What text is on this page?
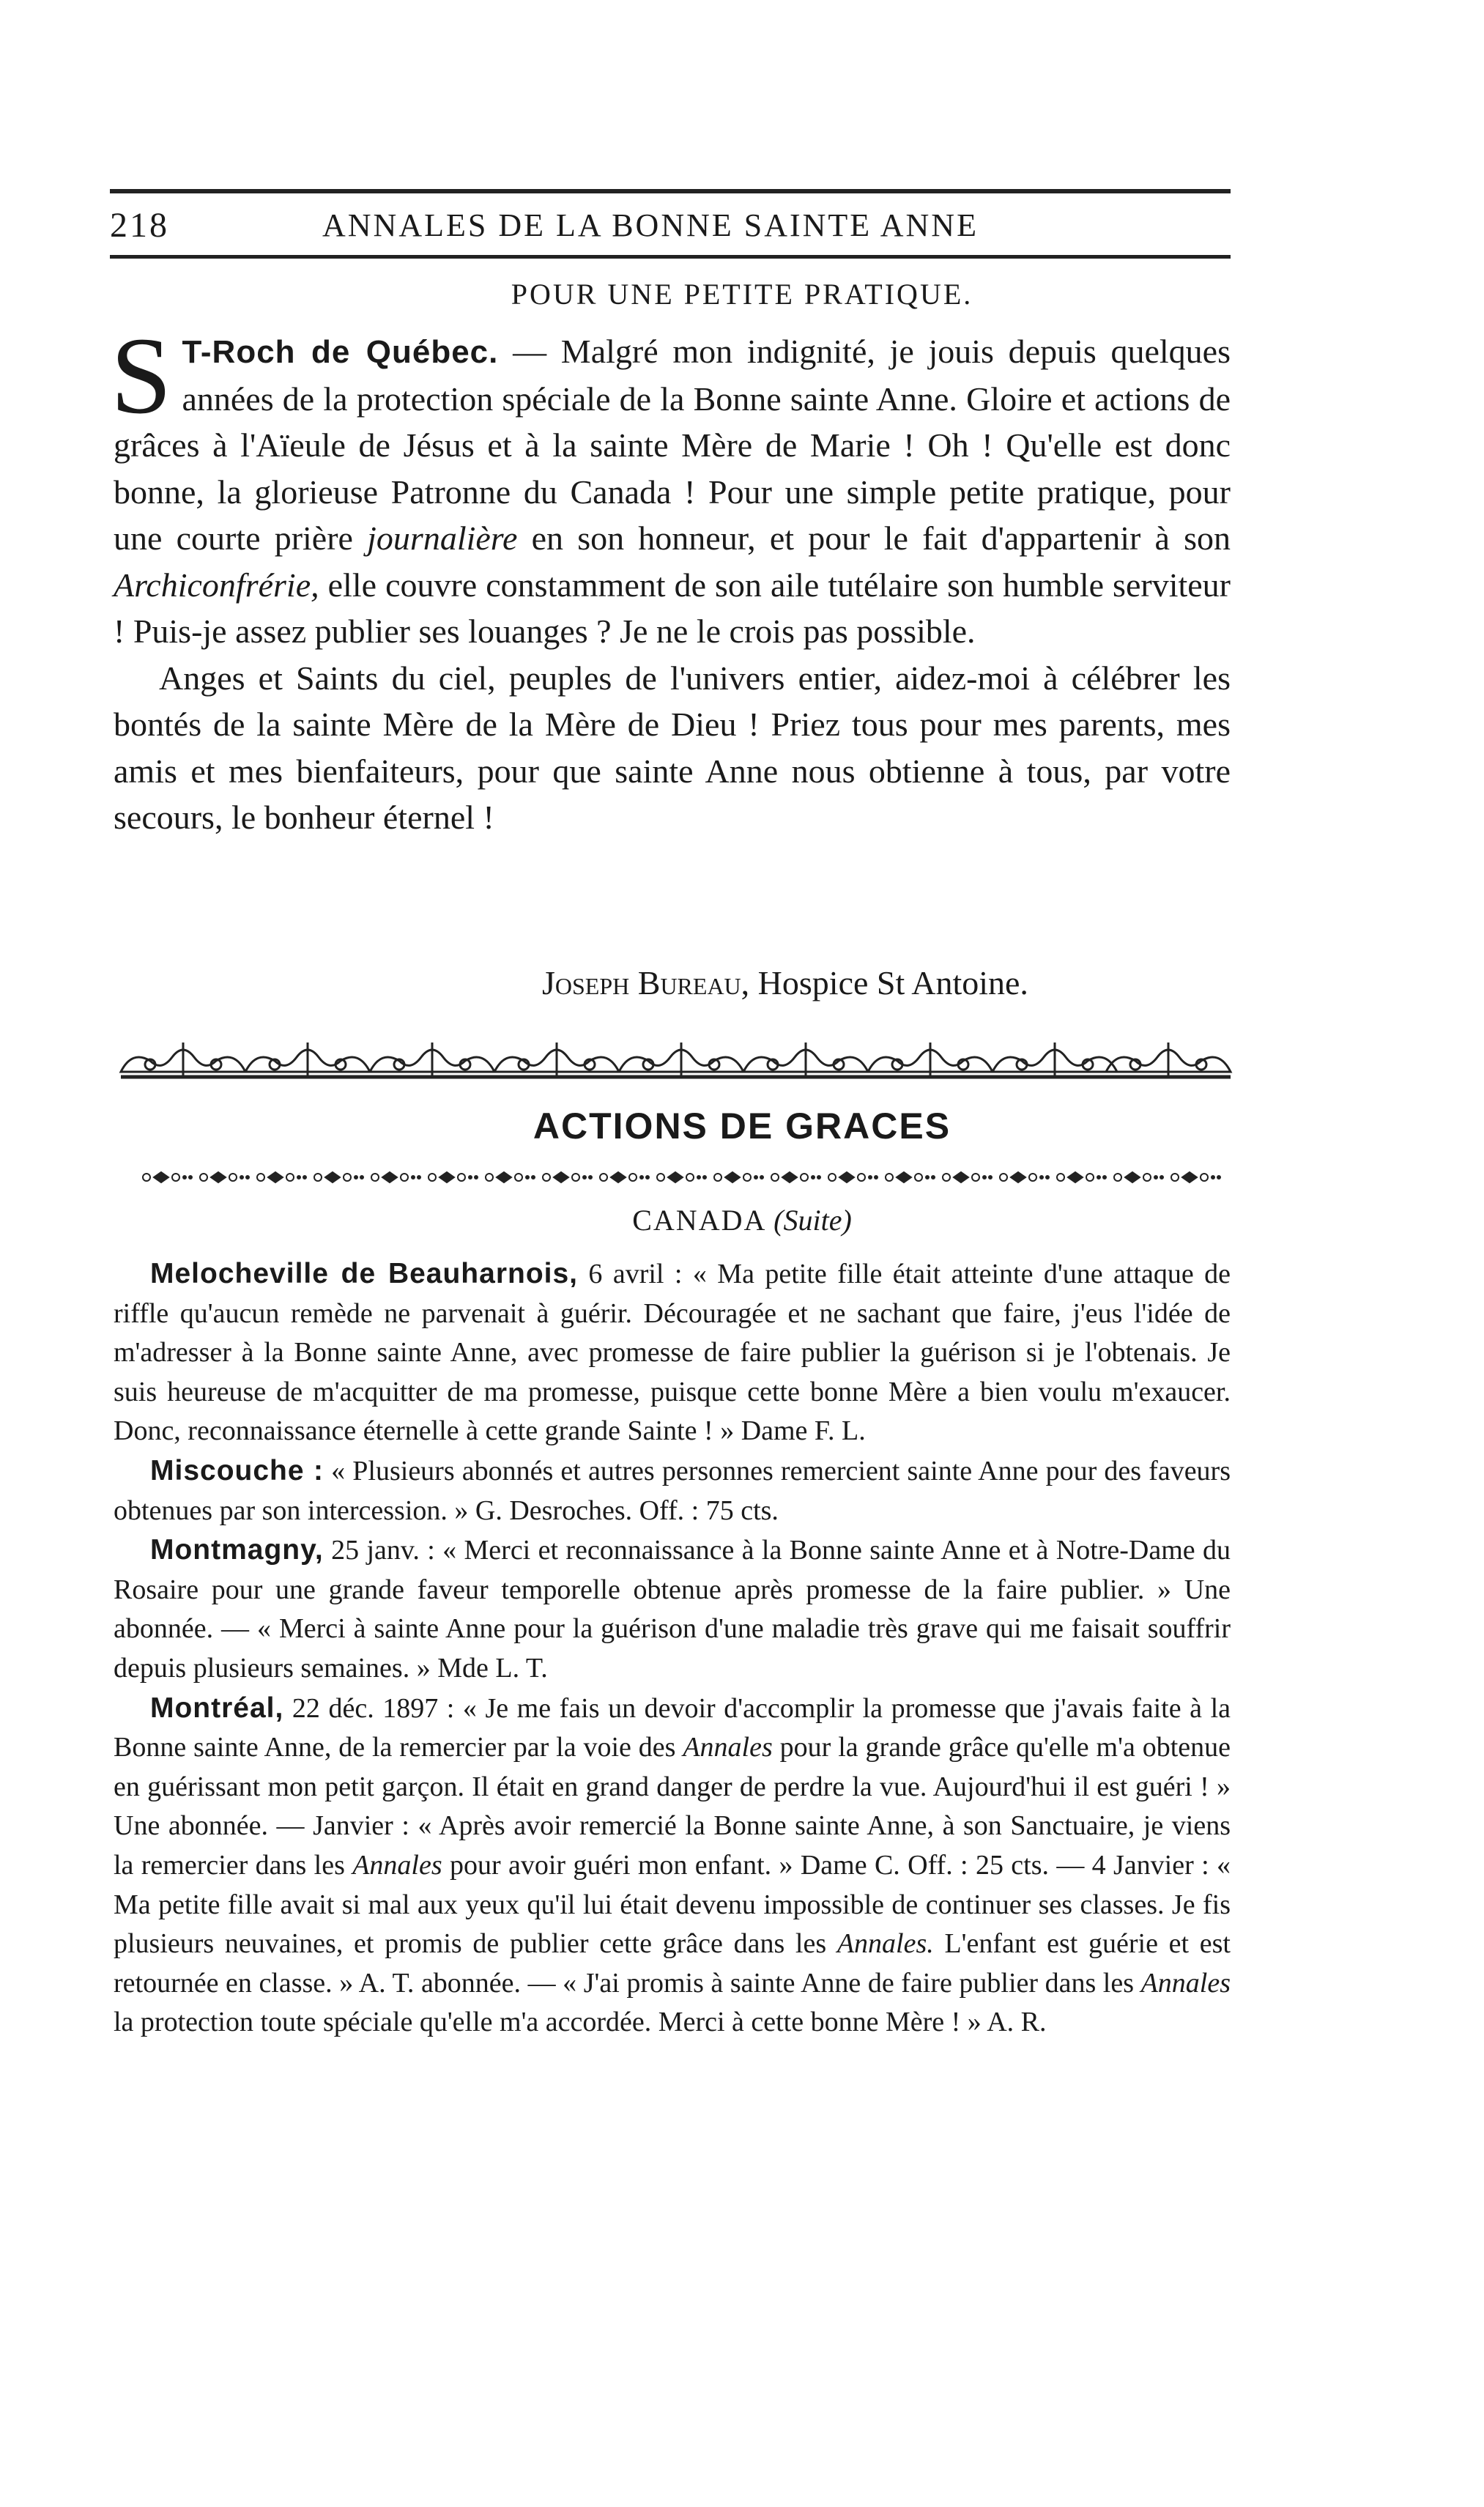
218	ANNALES DE LA BONNE SAINTE ANNE
POUR UNE PETITE PRATIQUE.

S T-Roch de Québec. — Malgré mon indignité, je jouis depuis quelques années de la protection spéciale de la Bonne sainte Anne. Gloire et actions de grâces à l'Aïeule de Jésus et à la sainte Mère de Marie ! Oh ! Qu'elle est donc bonne, la glorieuse Patronne du Canada ! Pour une simple petite pratique, pour une courte prière journalière en son honneur, et pour le fait d'appartenir à son Archiconfrérie, elle couvre constamment de son aile tutélaire son humble serviteur ! Puis-je assez publier ses louanges ? Je ne le crois pas possible.

Anges et Saints du ciel, peuples de l'univers entier, aidez-moi à célébrer les bontés de la sainte Mère de la Mère de Dieu ! Priez tous pour mes parents, mes amis et mes bienfaiteurs, pour que sainte Anne nous obtienne à tous, par votre secours, le bonheur éternel !

Joseph Bureau, Hospice St Antoine.
ACTIONS DE GRACES
CANADA (Suite)

Melocheville de Beauharnois, 6 avril : « Ma petite fille était atteinte d'une attaque de riffle qu'aucun remède ne parvenait à guérir. Découragée et ne sachant que faire, j'eus l'idée de m'adresser à la Bonne sainte Anne, avec promesse de faire publier la guérison si je l'obtenais. Je suis heureuse de m'acquitter de ma promesse, puisque cette bonne Mère a bien voulu m'exaucer. Donc, reconnaissance éternelle à cette grande Sainte ! » Dame F. L.

Miscouche : « Plusieurs abonnés et autres personnes remercient sainte Anne pour des faveurs obtenues par son intercession. » G. Desroches. Off. : 75 cts.

Montmagny, 25 janv. : « Merci et reconnaissance à la Bonne sainte Anne et à Notre-Dame du Rosaire pour une grande faveur temporelle obtenue après promesse de la faire publier. » Une abonnée. — « Merci à sainte Anne pour la guérison d'une maladie très grave qui me faisait souffrir depuis plusieurs semaines. » Mde L. T.

Montréal, 22 déc. 1897 : « Je me fais un devoir d'accomplir la promesse que j'avais faite à la Bonne sainte Anne, de la remercier par la voie des Annales pour la grande grâce qu'elle m'a obtenue en guérissant mon petit garçon. Il était en grand danger de perdre la vue. Aujourd'hui il est guéri ! » Une abonnée. — Janvier : « Après avoir remercié la Bonne sainte Anne, à son Sanctuaire, je viens la remercier dans les Annales pour avoir guéri mon enfant. » Dame C. Off. : 25 cts. — 4 Janvier : « Ma petite fille avait si mal aux yeux qu'il lui était devenu impossible de continuer ses classes. Je fis plusieurs neuvaines, et promis de publier cette grâce dans les Annales. L'enfant est guérie et est retournée en classe. » A. T. abonnée. — « J'ai promis à sainte Anne de faire publier dans les Annales la protection toute spéciale qu'elle m'a accordée. Merci à cette bonne Mère ! » A. R.
